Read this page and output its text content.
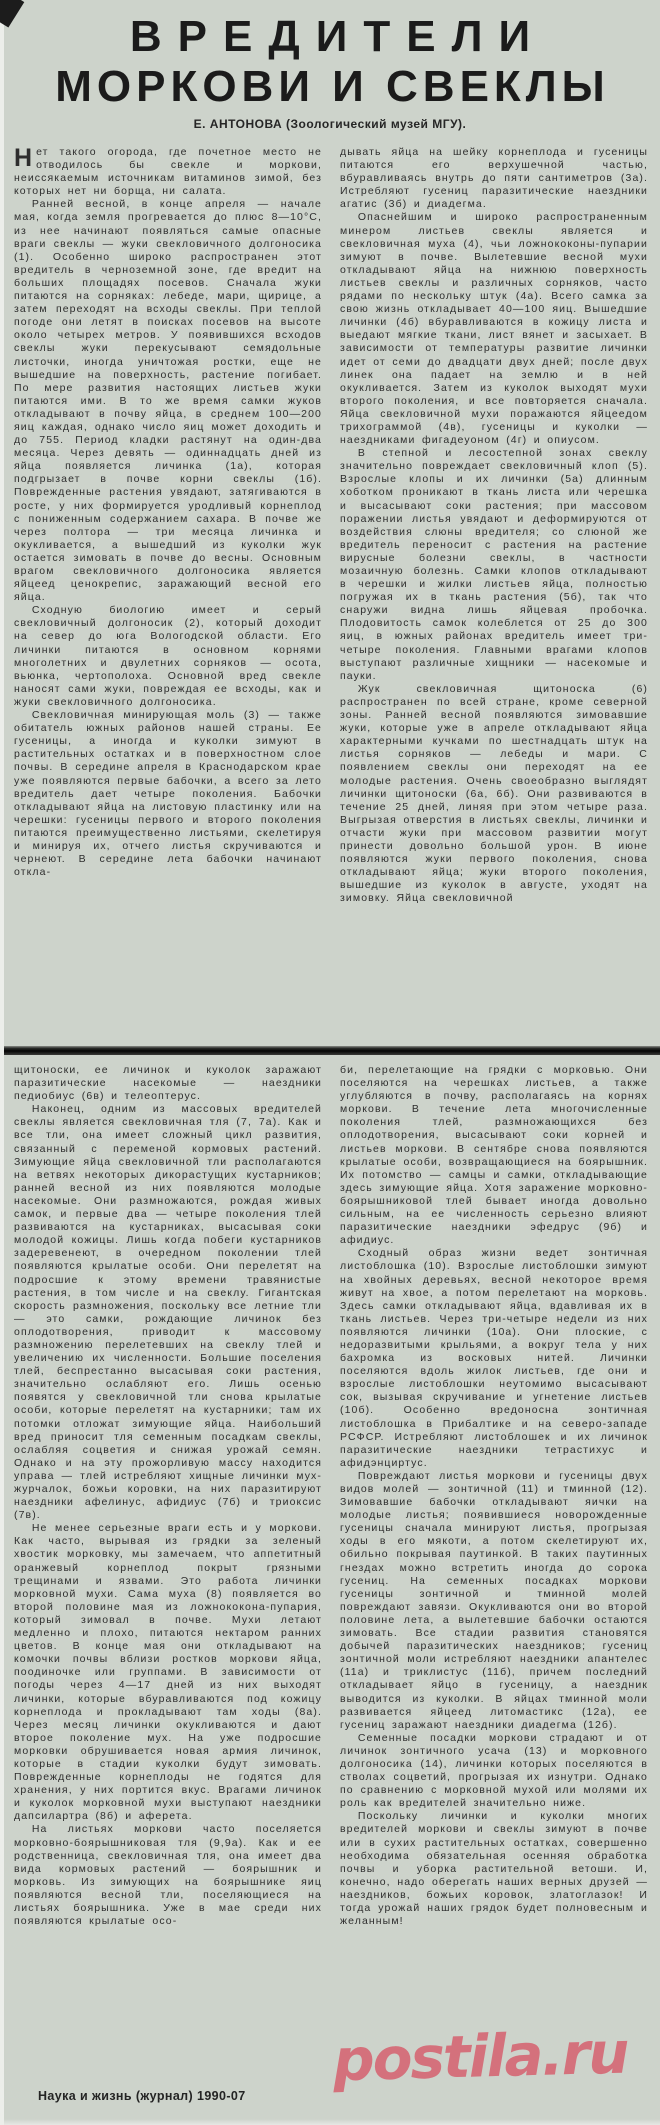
ВРЕДИТЕЛИ
МОРКОВИ И СВЕКЛЫ
Е. АНТОНОВА (Зоологический музей МГУ).

Нет такого огорода, где почетное место не отводилось бы свекле и моркови, неиссякаемым источникам витаминов зимой, без которых нет ни борща, ни салата.

Ранней весной, в конце апреля — начале мая, когда земля прогревается до плюс 8—10°С, из нее начинают появляться самые опасные враги свеклы — жуки свекловичного долгоносика (1). Особенно широко распространен этот вредитель в черноземной зоне, где вредит на больших площадях посевов. Сначала жуки питаются на сорняках: лебеде, мари, щирице, а затем переходят на всходы свеклы. При теплой погоде они летят в поисках посевов на высоте около четырех метров. У появившихся всходов свеклы жуки перекусывают семядольные листочки, иногда уничтожая ростки, еще не вышедшие на поверхность, растение погибает. По мере развития настоящих листьев жуки питаются ими. В то же время самки жуков откладывают в почву яйца, в среднем 100—200 яиц каждая, однако число яиц может доходить и до 755. Период кладки растянут на один-два месяца. Через девять — одиннадцать дней из яйца появляется личинка (1а), которая подгрызает в почве корни свеклы (1б). Поврежденные растения увядают, затягиваются в росте, у них формируется уродливый корнеплод с пониженным содержанием сахара. В почве же через полтора — три месяца личинка и окукливается, а вышедший из куколки жук остается зимовать в почве до весны. Основным врагом свекловичного долгоносика является яйцеед ценокрепис, заражающий весной его яйца.

Сходную биологию имеет и серый свекловичный долгоносик (2), который доходит на север до юга Вологодской области. Его личинки питаются в основном корнями многолетних и двулетних сорняков — осота, вьюнка, чертополоха. Основной вред свекле наносят сами жуки, повреждая ее всходы, как и жуки свекловичного долгоносика.

Свекловичная минирующая моль (3) — также обитатель южных районов нашей страны. Ее гусеницы, а иногда и куколки зимуют в растительных остатках и в поверхностном слое почвы. В середине апреля в Краснодарском крае уже появляются первые бабочки, а всего за лето вредитель дает четыре поколения. Бабочки откладывают яйца на листовую пластинку или на черешки: гусеницы первого и второго поколения питаются преимущественно листьями, скелетируя и минируя их, отчего листья скручиваются и чернеют. В середине лета бабочки начинают откла-

дывать яйца на шейку корнеплода и гусеницы питаются его верхушечной частью, вбуравливаясь внутрь до пяти сантиметров (3а). Истребляют гусениц паразитические наездники агатис (3б) и диадегма.

Опаснейшим и широко распространенным минером листьев свеклы является и свекловичная муха (4), чьи ложнококоны-пупарии зимуют в почве. Вылетевшие весной мухи откладывают яйца на нижнюю поверхность листьев свеклы и различных сорняков, часто рядами по нескольку штук (4а). Всего самка за свою жизнь откладывает 40—100 яиц. Вышедшие личинки (4б) вбуравливаются в кожицу листа и выедают мягкие ткани, лист вянет и засыхает. В зависимости от температуры развитие личинки идет от семи до двадцати двух дней; после двух линек она падает на землю и в ней окукливается. Затем из куколок выходят мухи второго поколения, и все повторяется сначала. Яйца свекловичной мухи поражаются яйцеедом трихограммой (4в), гусеницы и куколки — наездниками фигадеуоном (4г) и опиусом.

В степной и лесостепной зонах свеклу значительно повреждает свекловичный клоп (5). Взрослые клопы и их личинки (5а) длинным хоботком проникают в ткань листа или черешка и высасывают соки растения; при массовом поражении листья увядают и деформируются от воздействия слюны вредителя; со слюной же вредитель переносит с растения на растение вирусные болезни свеклы, в частности мозаичную болезнь. Самки клопов откладывают в черешки и жилки листьев яйца, полностью погружая их в ткань растения (5б), так что снаружи видна лишь яйцевая пробочка. Плодовитость самок колеблется от 25 до 300 яиц, в южных районах вредитель имеет три-четыре поколения. Главными врагами клопов выступают различные хищники — насекомые и пауки.

Жук свекловичная щитоноска (6) распространен по всей стране, кроме северной зоны. Ранней весной появляются зимовавшие жуки, которые уже в апреле откладывают яйца характерными кучками по шестнадцать штук на листья сорняков — лебеды и мари. С появлением свеклы они переходят на ее молодые растения. Очень своеобразно выглядят личинки щитоноски (6а, 6б). Они развиваются в течение 25 дней, линяя при этом четыре раза. Выгрызая отверстия в листьях свеклы, личинки и отчасти жуки при массовом развитии могут принести довольно большой урон. В июне появляются жуки первого поколения, снова откладывают яйца; жуки второго поколения, вышедшие из куколок в августе, уходят на зимовку. Яйца свекловичной

щитоноски, ее личинок и куколок заражают паразитические насекомые — наездники педиобиус (6в) и телеоптерус.

Наконец, одним из массовых вредителей свеклы является свекловичная тля (7, 7а). Как и все тли, она имеет сложный цикл развития, связанный с переменой кормовых растений. Зимующие яйца свекловичной тли располагаются на ветвях некоторых дикорастущих кустарников; ранней весной из них появляются молодые насекомые. Они размножаются, рождая живых самок, и первые два — четыре поколения тлей развиваются на кустарниках, высасывая соки молодой кожицы. Лишь когда побеги кустарников задеревенеют, в очередном поколении тлей появляются крылатые особи. Они перелетят на подросшие к этому времени травянистые растения, в том числе и на свеклу. Гигантская скорость размножения, поскольку все летние тли — это самки, рождающие личинок без оплодотворения, приводит к массовому размножению перелетевших на свеклу тлей и увеличению их численности. Большие поселения тлей, беспрестанно высасывая соки растения, значительно ослабляют его. Лишь осенью появятся у свекловичной тли снова крылатые особи, которые перелетят на кустарники; там их потомки отложат зимующие яйца. Наибольший вред приносит тля семенным посадкам свеклы, ослабляя соцветия и снижая урожай семян. Однако и на эту прожорливую массу находится управа — тлей истребляют хищные личинки мух-журчалок, божьи коровки, на них паразитируют наездники афелинус, афидиус (7б) и триоксис (7в).

Не менее серьезные враги есть и у моркови. Как часто, вырывая из грядки за зеленый хвостик морковку, мы замечаем, что аппетитный оранжевый корнеплод покрыт грязными трещинами и язвами. Это работа личинки морковной мухи. Сама муха (8) появляется во второй половине мая из ложнококона-пупария, который зимовал в почве. Мухи летают медленно и плохо, питаются нектаром ранних цветов. В конце мая они откладывают на комочки почвы вблизи ростков моркови яйца, поодиночке или группами. В зависимости от погоды через 4—17 дней из них выходят личинки, которые вбуравливаются под кожицу корнеплода и прокладывают там ходы (8а). Через месяц личинки окукливаются и дают второе поколение мух. На уже подросшие морковки обрушивается новая армия личинок, которые в стадии куколки будут зимовать. Поврежденные корнеплоды не годятся для хранения, у них портится вкус. Врагами личинок и куколок морковной мухи выступают наездники дапсилартра (8б) и аферета.

На листьях моркови часто поселяется морковно-боярышниковая тля (9,9а). Как и ее родственница, свекловичная тля, она имеет два вида кормовых растений — боярышник и морковь. Из зимующих на боярышнике яиц появляются весной тли, поселяющиеся на листьях боярышника. Уже в мае среди них появляются крылатые осо-

би, перелетающие на грядки с морковью. Они поселяются на черешках листьев, а также углубляются в почву, располагаясь на корнях моркови. В течение лета многочисленные поколения тлей, размножающихся без оплодотворения, высасывают соки корней и листьев моркови. В сентябре снова появляются крылатые особи, возвращающиеся на боярышник. Их потомство — самцы и самки, откладывающие здесь зимующие яйца. Хотя заражение морковно-боярышниковой тлей бывает иногда довольно сильным, на ее численность серьезно влияют паразитические наездники эфедрус (9б) и афидиус.

Сходный образ жизни ведет зонтичная листоблошка (10). Взрослые листоблошки зимуют на хвойных деревьях, весной некоторое время живут на хвое, а потом перелетают на морковь. Здесь самки откладывают яйца, вдавливая их в ткань листьев. Через три-четыре недели из них появляются личинки (10а). Они плоские, с недоразвитыми крыльями, а вокруг тела у них бахромка из восковых нитей. Личинки поселяются вдоль жилок листьев, где они и взрослые листоблошки неутомимо высасывают сок, вызывая скручивание и угнетение листьев (10б). Особенно вредоносна зонтичная листоблошка в Прибалтике и на северо-западе РСФСР. Истребляют листоблошек и их личинок паразитические наездники тетрастихус и афидэнциртус.

Повреждают листья моркови и гусеницы двух видов молей — зонтичной (11) и тминной (12). Зимовавшие бабочки откладывают яички на молодые листья; появившиеся новорожденные гусеницы сначала минируют листья, прогрызая ходы в его мякоти, а потом скелетируют их, обильно покрывая паутинкой. В таких паутинных гнездах можно встретить иногда до сорока гусениц. На семенных посадках моркови гусеницы зонтичной и тминной молей повреждают завязи. Окукливаются они во второй половине лета, а вылетевшие бабочки остаются зимовать. Все стадии развития становятся добычей паразитических наездников; гусениц зонтичной моли истребляют наездники апантелес (11а) и триклистус (11б), причем последний откладывает яйцо в гусеницу, а наездник выводится из куколки. В яйцах тминной моли развивается яйцеед литомастикс (12а), ее гусениц заражают наездники диадегма (12б).

Семенные посадки моркови страдают и от личинок зонтичного усача (13) и морковного долгоносика (14), личинки которых поселяются в стволах соцветий, прогрызая их изнутри. Однако по сравнению с морковной мухой или молями их роль как вредителей значительно ниже.

Поскольку личинки и куколки многих вредителей моркови и свеклы зимуют в почве или в сухих растительных остатках, совершенно необходима обязательная осенняя обработка почвы и уборка растительной ветоши. И, конечно, надо оберегать наших верных друзей — наездников, божьих коровок, златоглазок! И тогда урожай наших грядок будет полновесным и желанным!

Наука и жизнь (журнал) 1990-07
postila.ru
